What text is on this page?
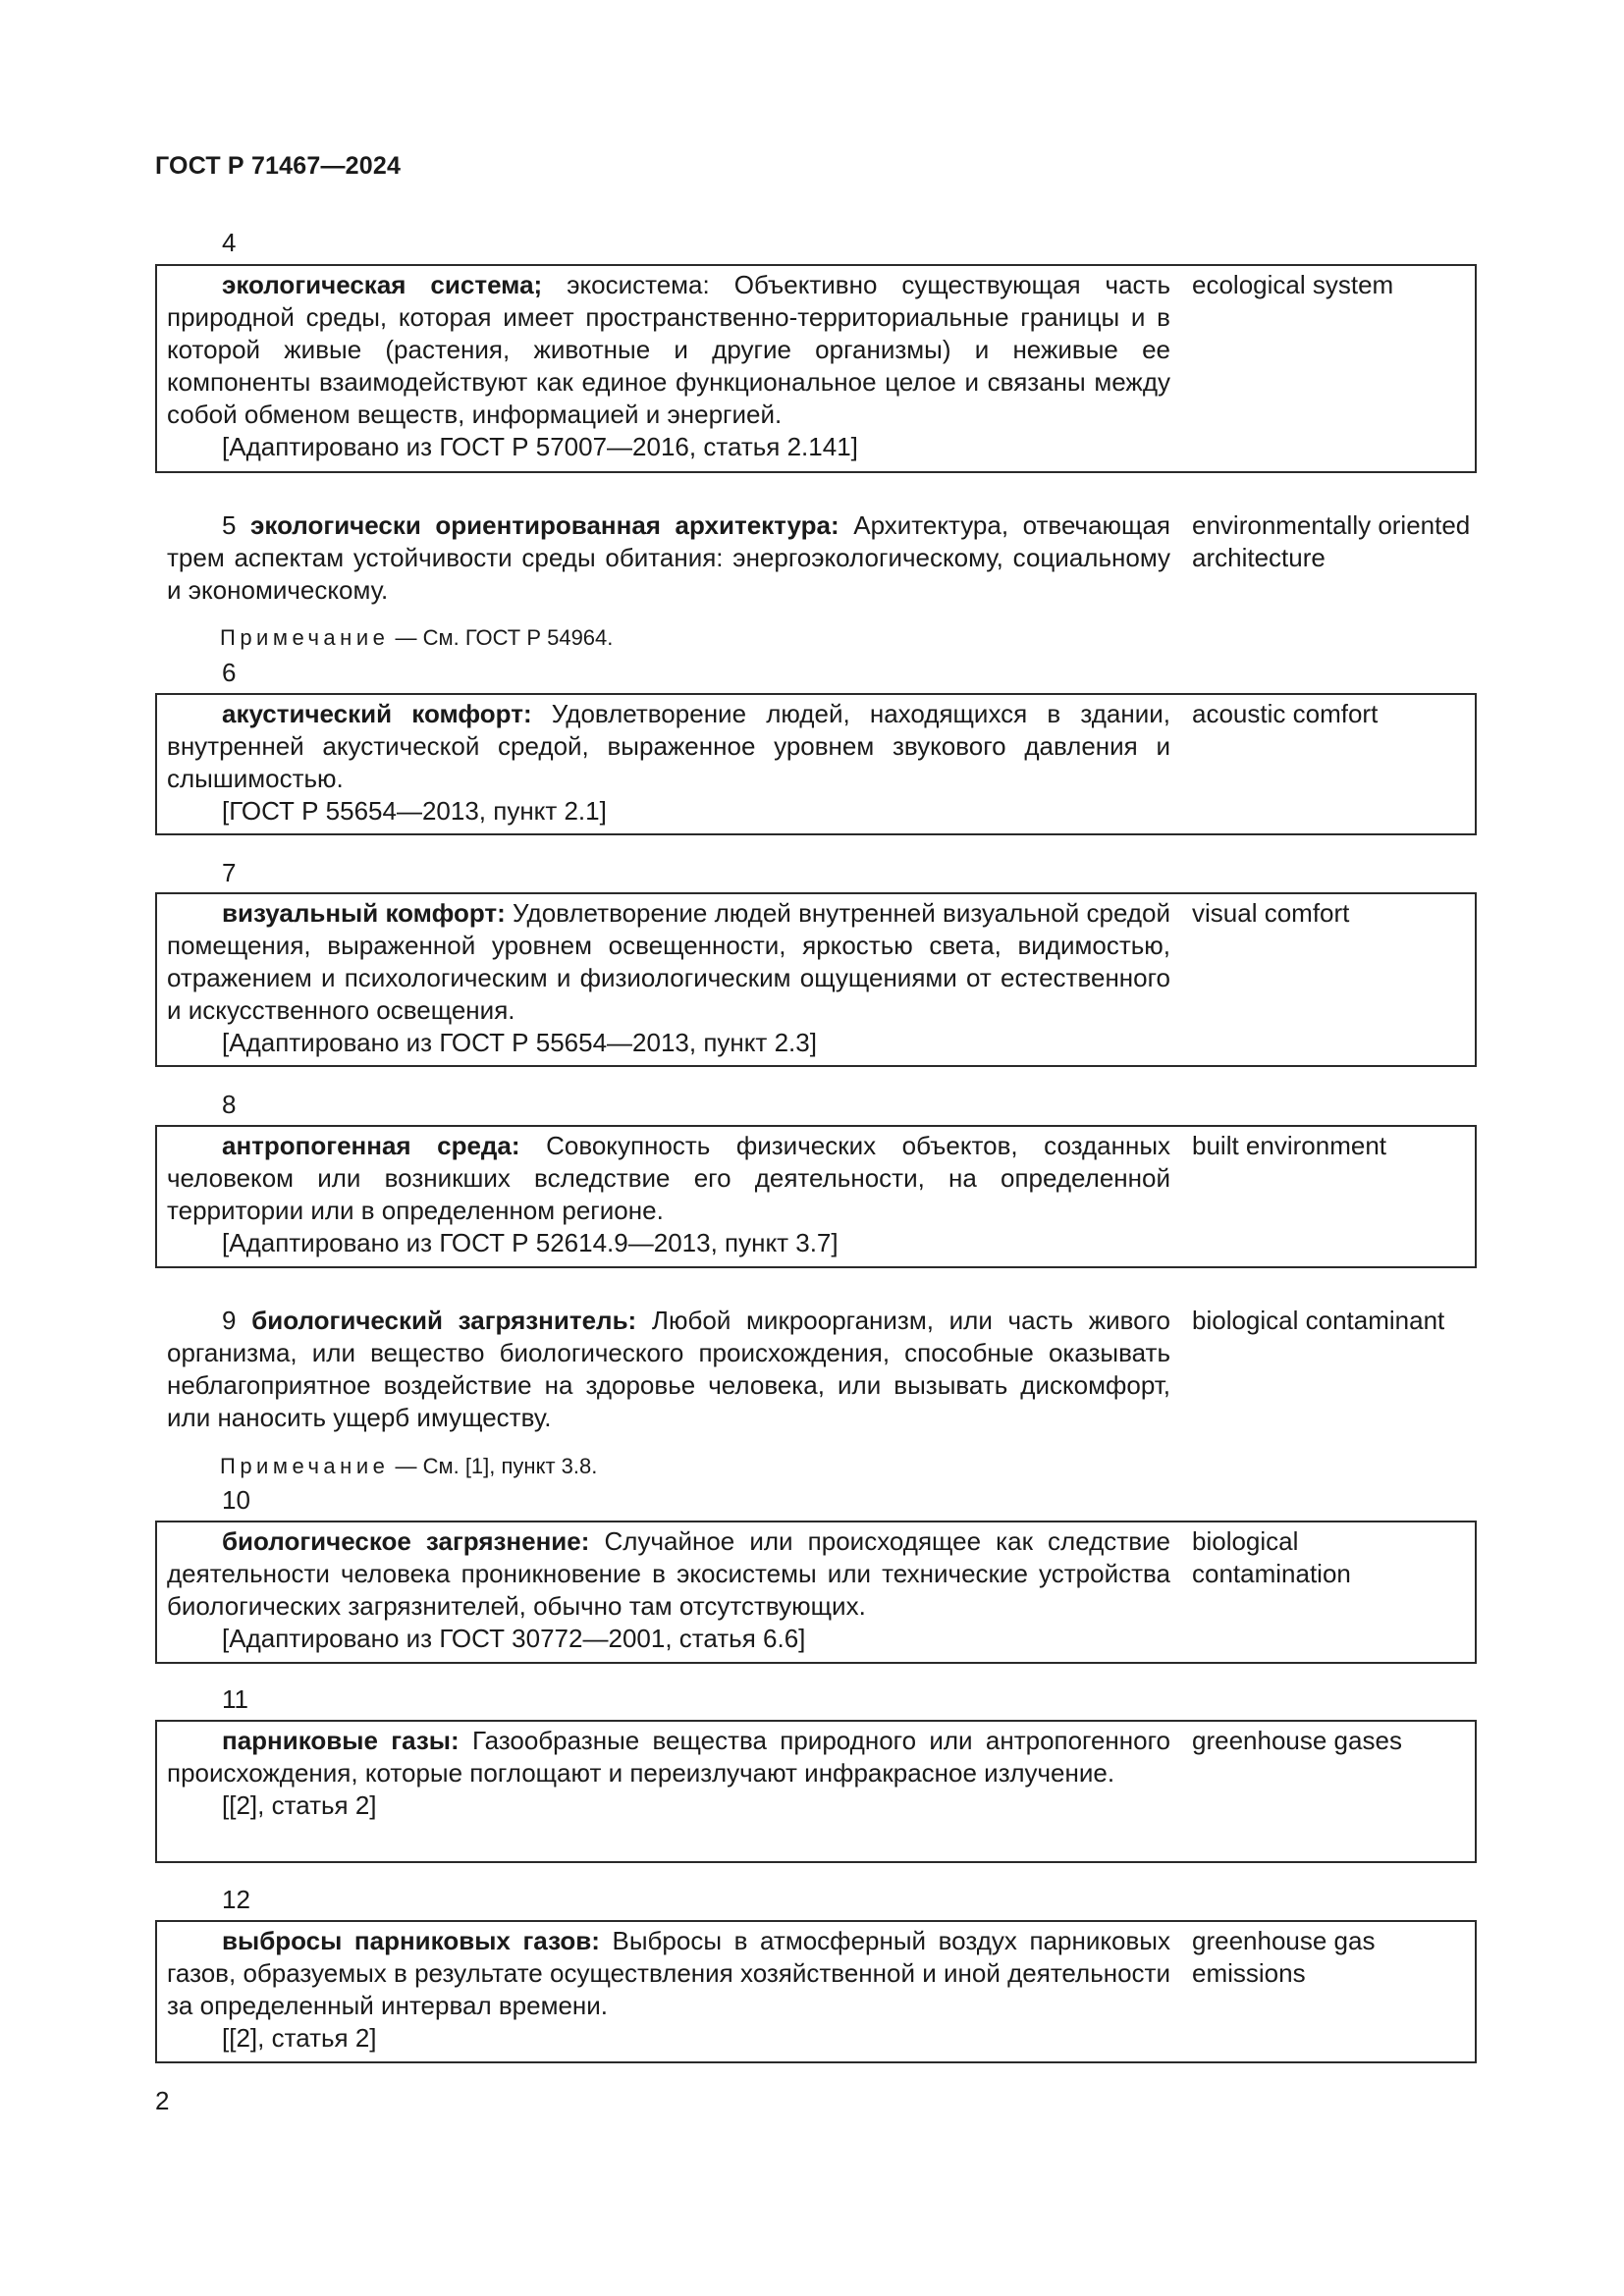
ГОСТ Р 71467—2024
4

экологическая система; экосистема: Объективно существующая часть природной среды, которая имеет пространственно-территориальные границы и в которой живые (растения, животные и другие организмы) и неживые ее компоненты взаимодействуют как единое функциональное целое и связаны между собой обменом веществ, информацией и энергией.

[Адаптировано из ГОСТ Р 57007—2016, статья 2.141]

ecological system

5 экологически ориентированная архитектура: Архитектура, отвечающая трем аспектам устойчивости среды обитания: энергоэкологическому, социальному и экономическому.

environmentally oriented architecture
Примечание — См. ГОСТ Р 54964.
6

акустический комфорт: Удовлетворение людей, находящихся в здании, внутренней акустической средой, выраженное уровнем звукового давления и слышимостью.

[ГОСТ Р 55654—2013, пункт 2.1]

acoustic comfort
7

визуальный комфорт: Удовлетворение людей внутренней визуальной средой помещения, выраженной уровнем освещенности, яркостью света, видимостью, отражением и психологическим и физиологическим ощущениями от естественного и искусственного освещения.

[Адаптировано из ГОСТ Р 55654—2013, пункт 2.3]

visual comfort
8

антропогенная среда: Совокупность физических объектов, созданных человеком или возникших вследствие его деятельности, на определенной территории или в определенном регионе.

[Адаптировано из ГОСТ Р 52614.9—2013, пункт 3.7]

built environment

9 биологический загрязнитель: Любой микроорганизм, или часть живого организма, или вещество биологического происхождения, способные оказывать неблагоприятное воздействие на здоровье человека, или вызывать дискомфорт, или наносить ущерб имуществу.

biological contaminant
Примечание — См. [1], пункт 3.8.
10

биологическое загрязнение: Случайное или происходящее как следствие деятельности человека проникновение в экосистемы или технические устройства биологических загрязнителей, обычно там отсутствующих.

[Адаптировано из ГОСТ 30772—2001, статья 6.6]

biological contamination
11

парниковые газы: Газообразные вещества природного или антропогенного происхождения, которые поглощают и переизлучают инфракрасное излучение.

[[2], статья 2]

greenhouse gases
12

выбросы парниковых газов: Выбросы в атмосферный воздух парниковых газов, образуемых в результате осуществления хозяйственной и иной деятельности за определенный интервал времени.

[[2], статья 2]

greenhouse gas emissions
2
